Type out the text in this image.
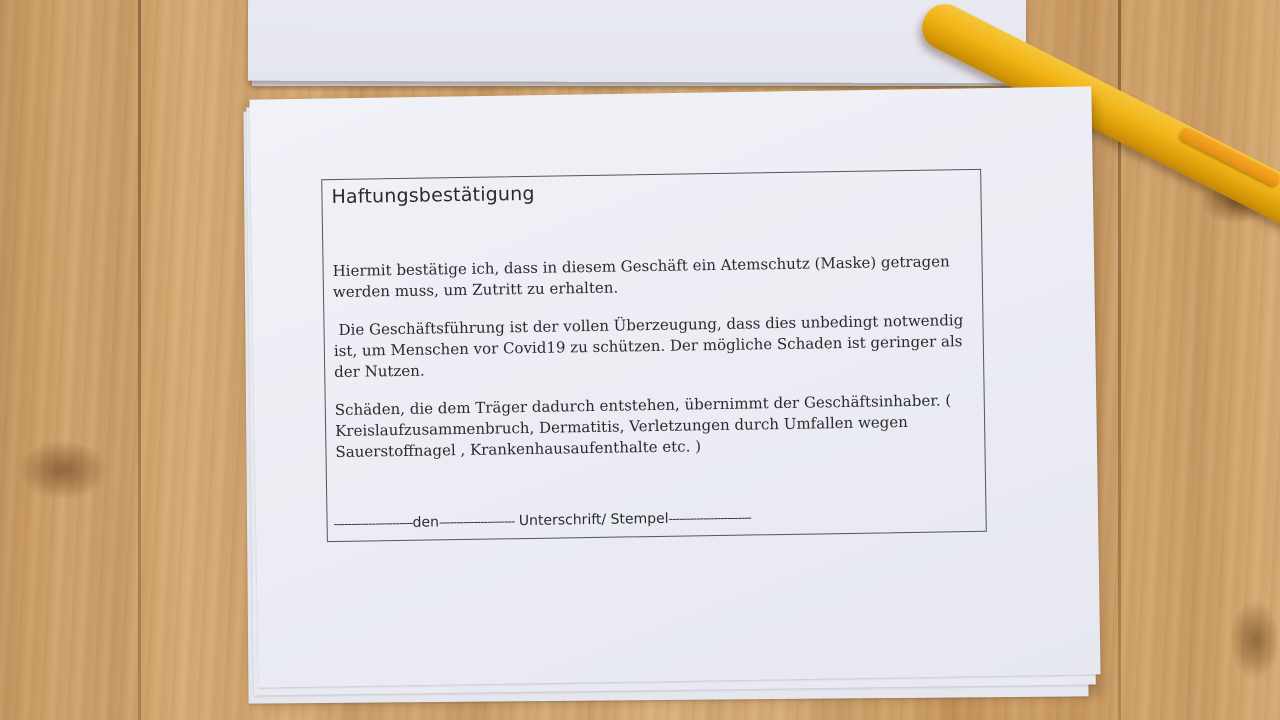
Haftungsbestätigung
Hiermit bestätige ich, dass in diesem Geschäft ein Atemschutz (Maske) getragen werden muss, um Zutritt zu erhalten.
Die Geschäftsführung ist der vollen Überzeugung, dass dies unbedingt notwendig ist, um Menschen vor Covid19 zu schützen. Der mögliche Schaden ist geringer als der Nutzen.
Schäden, die dem Träger dadurch entstehen, übernimmt der Geschäftsinhaber. ( Kreislaufzusammenbruch, Dermatitis, Verletzungen durch Umfallen wegen Sauerstoffnagel , Krankenhausaufenthalte etc. )
-----------------------den---------------------- Unterschrift/ Stempel------------------------
